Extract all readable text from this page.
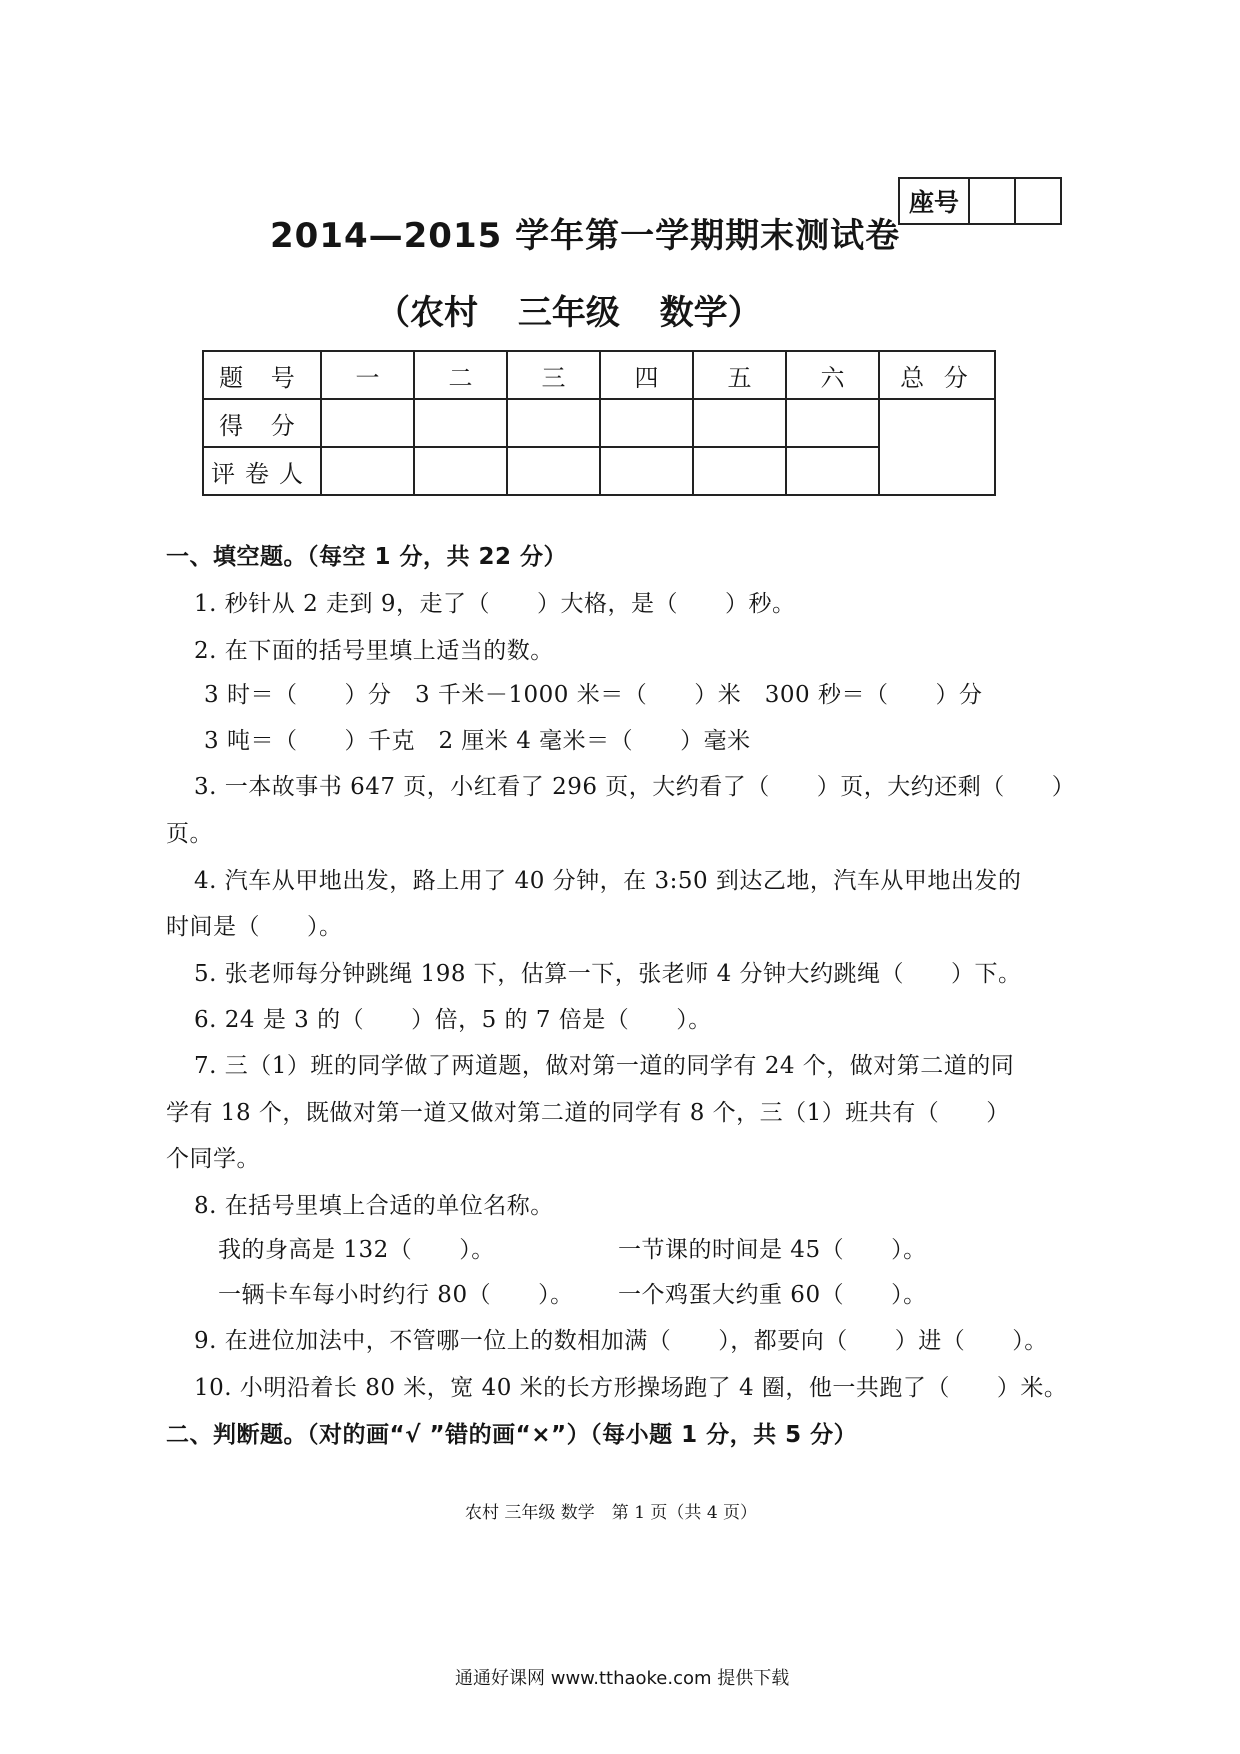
座号
2014—2015 学年第一学期期末测试卷
（农村 三年级 数学）
题 号	一	二	三	四	五	六	总 分
得 分							
评卷人							
一、填空题。（每空 1 分，共 22 分）
1. 秒针从 2 走到 9，走了（　　）大格，是（　　）秒。
2. 在下面的括号里填上适当的数。
3 时＝（　　）分　3 千米－1000 米＝（　　）米　300 秒＝（　　）分
3 吨＝（　　）千克　2 厘米 4 毫米＝（　　）毫米
3. 一本故事书 647 页，小红看了 296 页，大约看了（　　）页，大约还剩（　　）
页。
4. 汽车从甲地出发，路上用了 40 分钟，在 3:50 到达乙地，汽车从甲地出发的
时间是（　　）。
5. 张老师每分钟跳绳 198 下，估算一下，张老师 4 分钟大约跳绳（　　）下。
6. 24 是 3 的（　　）倍，5 的 7 倍是（　　）。
7. 三（1）班的同学做了两道题，做对第一道的同学有 24 个，做对第二道的同
学有 18 个，既做对第一道又做对第二道的同学有 8 个，三（1）班共有（　　）
个同学。
8. 在括号里填上合适的单位名称。
我的身高是 132（　　）。	一节课的时间是 45（　　）。
一辆卡车每小时约行 80（　　）。 一个鸡蛋大约重 60（　　）。
9. 在进位加法中，不管哪一位上的数相加满（　　），都要向（　　）进（　　）。
10. 小明沿着长 80 米，宽 40 米的长方形操场跑了 4 圈，他一共跑了（　　）米。
二、判断题。（对的画“√ ”错的画“×”）（每小题 1 分，共 5 分）
农村 三年级 数学　第 1 页（共 4 页）
通通好课网 www.tthaoke.com 提供下载
